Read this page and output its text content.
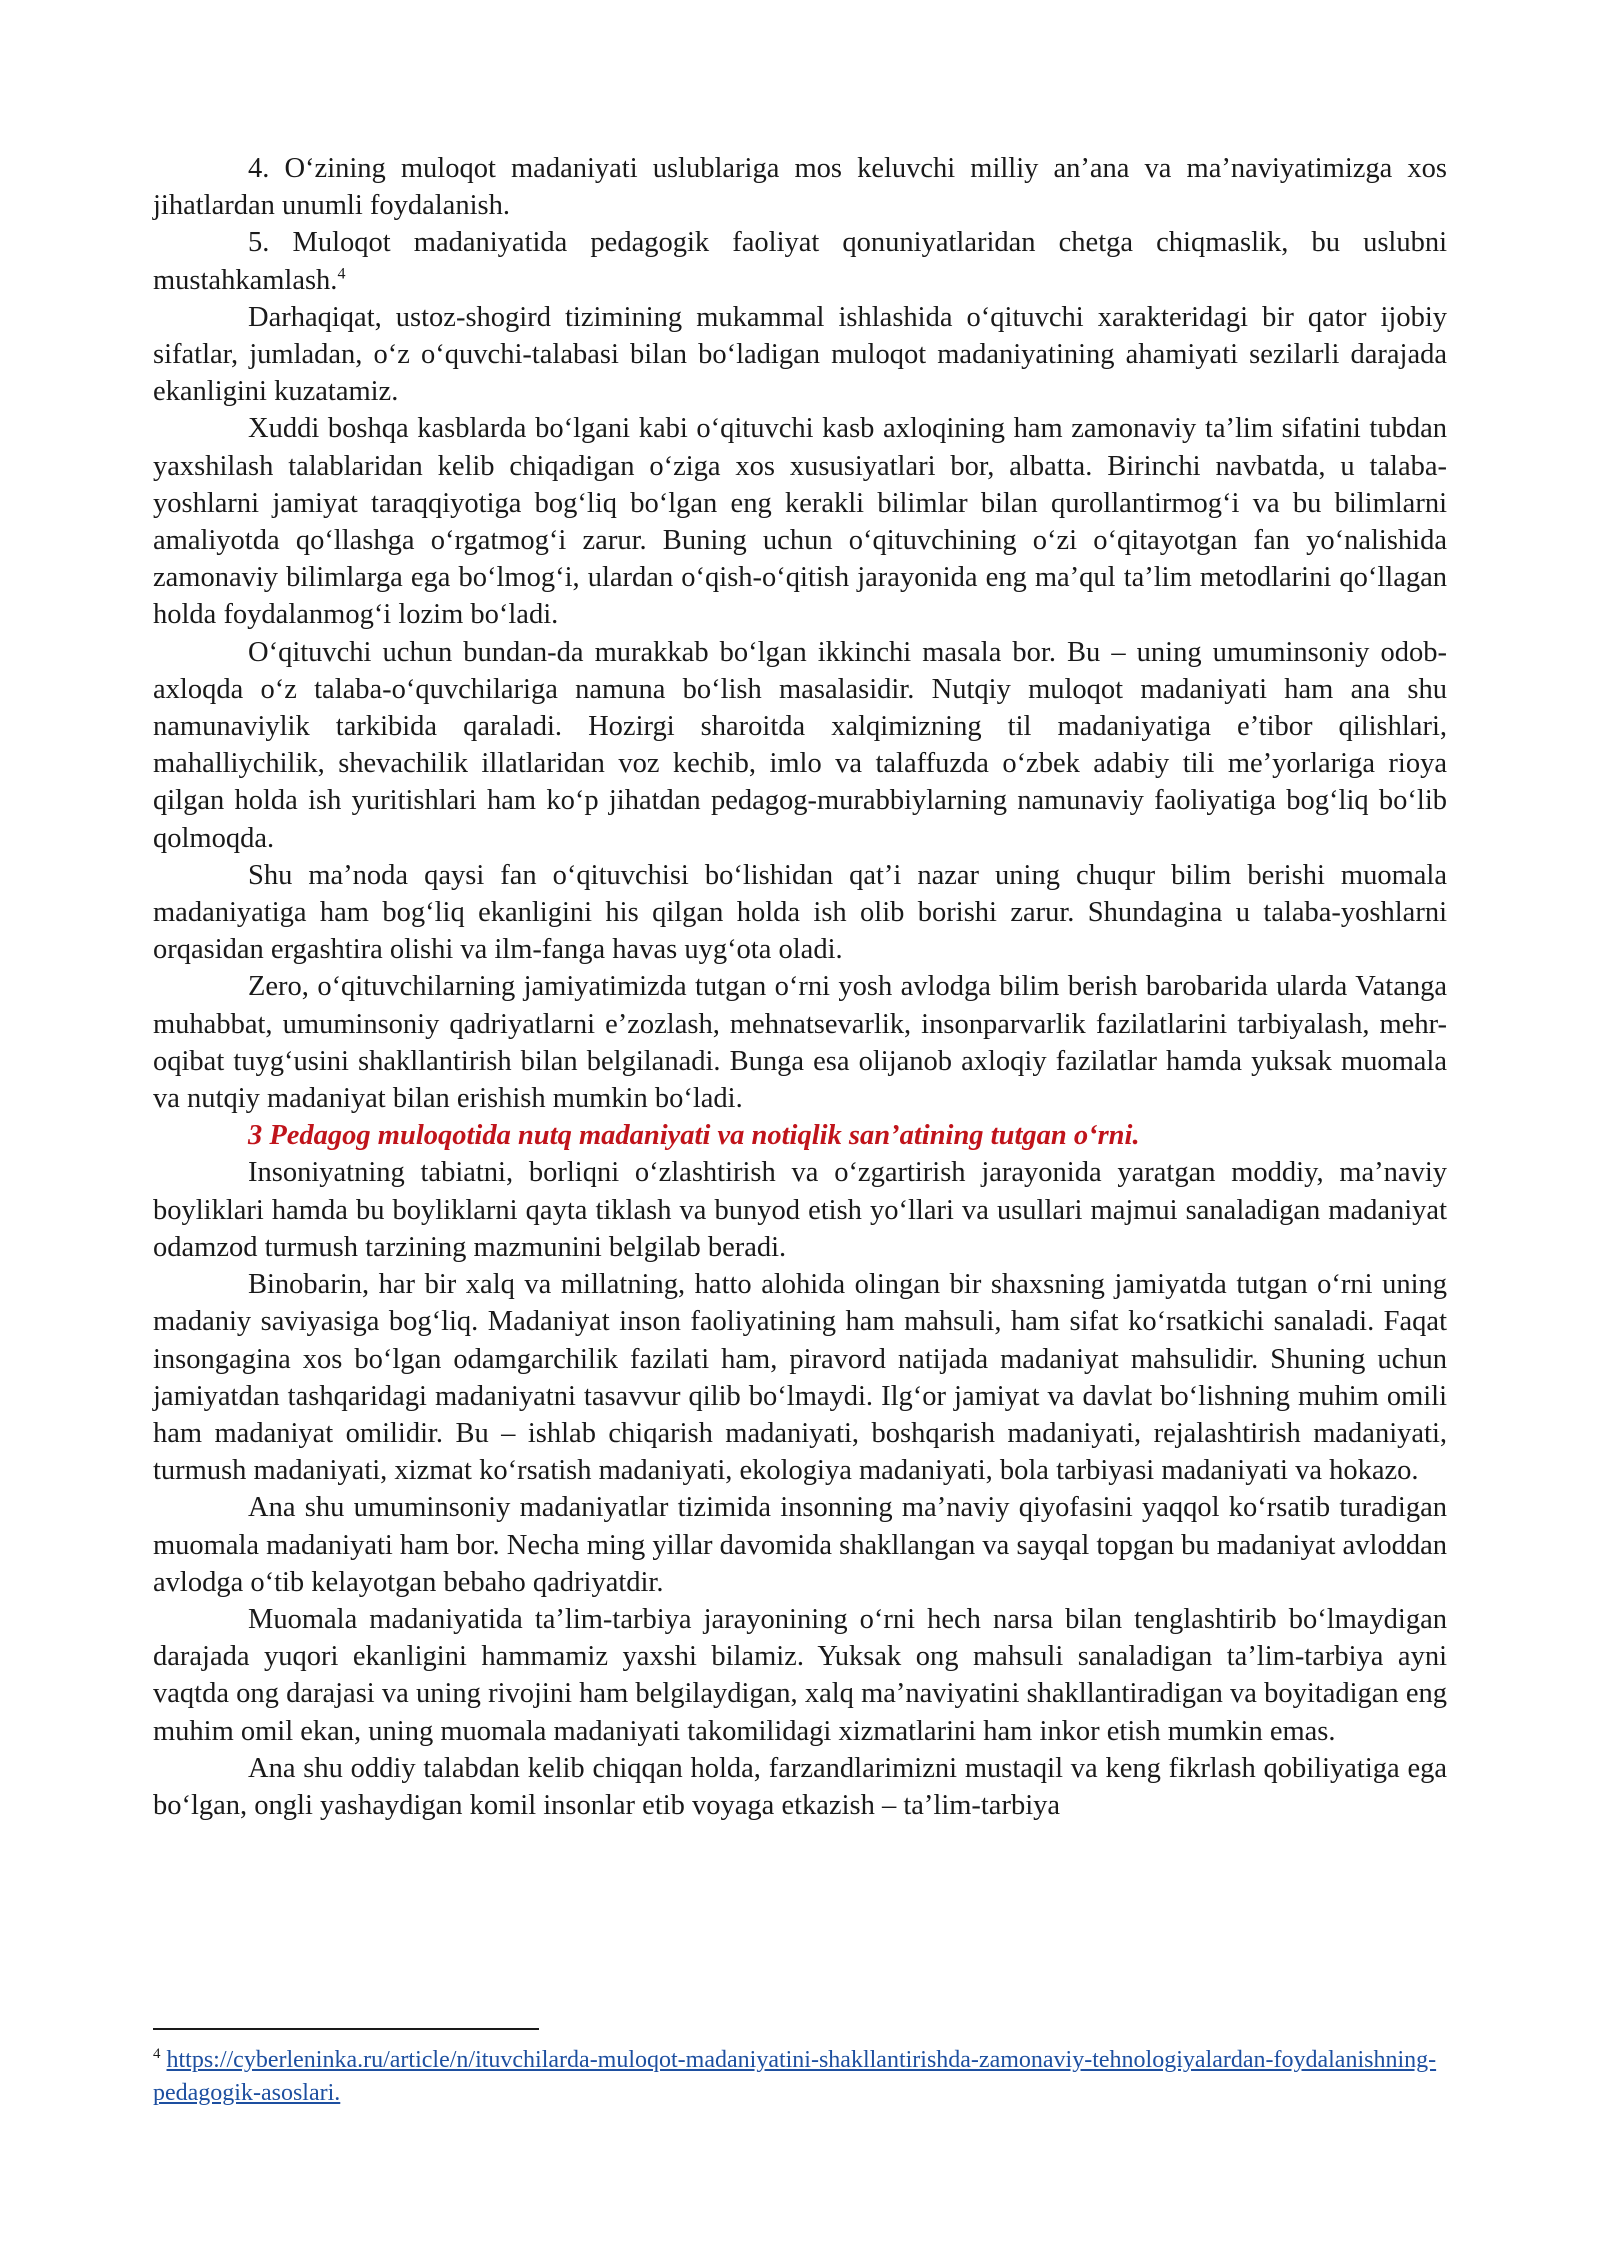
4. O‘zining muloqot madaniyati uslublariga mos keluvchi milliy an’ana va ma’naviyatimizga xos jihatlardan unumli foydalanish.

5. Muloqot madaniyatida pedagogik faoliyat qonuniyatlaridan chetga chiqmaslik, bu uslubni mustahkamlash.$^4$

Darhaqiqat, ustoz-shogird tizimining mukammal ishlashida o‘qituvchi xarakteridagi bir qator ijobiy sifatlar, jumladan, o‘z o‘quvchi-talabasi bilan bo‘ladigan muloqot madaniyatining ahamiyati sezilarli darajada ekanligini kuzatamiz.

Xuddi boshqa kasblarda bo‘lgani kabi o‘qituvchi kasb axloqining ham zamonaviy ta’lim sifatini tubdan yaxshilash talablaridan kelib chiqadigan o‘ziga xos xususiyatlari bor, albatta. Birinchi navbatda, u talaba-yoshlarni jamiyat taraqqiyotiga bog‘liq bo‘lgan eng kerakli bilimlar bilan qurollantirmog‘i va bu bilimlarni amaliyotda qo‘llashga o‘rgatmog‘i zarur. Buning uchun o‘qituvchining o‘zi o‘qitayotgan fan yo‘nalishida zamonaviy bilimlarga ega bo‘lmog‘i, ulardan o‘qish-o‘qitish jarayonida eng ma’qul ta’lim metodlarini qo‘llagan holda foydalanmog‘i lozim bo‘ladi.

O‘qituvchi uchun bundan-da murakkab bo‘lgan ikkinchi masala bor. Bu – uning umuminsoniy odob-axloqda o‘z talaba-o‘quvchilariga namuna bo‘lish masalasidir. Nutqiy muloqot madaniyati ham ana shu namunaviylik tarkibida qaraladi. Hozirgi sharoitda xalqimizning til madaniyatiga e’tibor qilishlari, mahalliychilik, shevachilik illatlaridan voz kechib, imlo va talaffuzda o‘zbek adabiy tili me’yorlariga rioya qilgan holda ish yuritishlari ham ko‘p jihatdan pedagog-murabbiylarning namunaviy faoliyatiga bog‘liq bo‘lib qolmoqda.

Shu ma’noda qaysi fan o‘qituvchisi bo‘lishidan qat’i nazar uning chuqur bilim berishi muomala madaniyatiga ham bog‘liq ekanligini his qilgan holda ish olib borishi zarur. Shundagina u talaba-yoshlarni orqasidan ergashtira olishi va ilm-fanga havas uyg‘ota oladi.

Zero, o‘qituvchilarning jamiyatimizda tutgan o‘rni yosh avlodga bilim berish barobarida ularda Vatanga muhabbat, umuminsoniy qadriyatlarni e’zozlash, mehnatsevarlik, insonparvarlik fazilatlarini tarbiyalash, mehr-oqibat tuyg‘usini shakllantirish bilan belgilanadi. Bunga esa olijanob axloqiy fazilatlar hamda yuksak muomala va nutqiy madaniyat bilan erishish mumkin bo‘ladi.

3 Pedagog muloqotida nutq madaniyati va notiqlik san’atining tutgan o‘rni.

Insoniyatning tabiatni, borliqni o‘zlashtirish va o‘zgartirish jarayonida yaratgan moddiy, ma’naviy boyliklari hamda bu boyliklarni qayta tiklash va bunyod etish yo‘llari va usullari majmui sanaladigan madaniyat odamzod turmush tarzining mazmunini belgilab beradi.

Binobarin, har bir xalq va millatning, hatto alohida olingan bir shaxsning jamiyatda tutgan o‘rni uning madaniy saviyasiga bog‘liq. Madaniyat inson faoliyatining ham mahsuli, ham sifat ko‘rsatkichi sanaladi. Faqat insongagina xos bo‘lgan odamgarchilik fazilati ham, piravord natijada madaniyat mahsulidir. Shuning uchun jamiyatdan tashqaridagi madaniyatni tasavvur qilib bo‘lmaydi. Ilg‘or jamiyat va davlat bo‘lishning muhim omili ham madaniyat omilidir. Bu – ishlab chiqarish madaniyati, boshqarish madaniyati, rejalashtirish madaniyati, turmush madaniyati, xizmat ko‘rsatish madaniyati, ekologiya madaniyati, bola tarbiyasi madaniyati va hokazo.

Ana shu umuminsoniy madaniyatlar tizimida insonning ma’naviy qiyofasini yaqqol ko‘rsatib turadigan muomala madaniyati ham bor. Necha ming yillar davomida shakllangan va sayqal topgan bu madaniyat avloddan avlodga o‘tib kelayotgan bebaho qadriyatdir.

Muomala madaniyatida ta’lim-tarbiya jarayonining o‘rni hech narsa bilan tenglashtirib bo‘lmaydigan darajada yuqori ekanligini hammamiz yaxshi bilamiz. Yuksak ong mahsuli sanaladigan ta’lim-tarbiya ayni vaqtda ong darajasi va uning rivojini ham belgilaydigan, xalq ma’naviyatini shakllantiradigan va boyitadigan eng muhim omil ekan, uning muomala madaniyati takomilidagi xizmatlarini ham inkor etish mumkin emas.

Ana shu oddiy talabdan kelib chiqqan holda, farzandlarimizni mustaqil va keng fikrlash qobiliyatiga ega bo‘lgan, ongli yashaydigan komil insonlar etib voyaga etkazish – ta’lim-tarbiya

$^4$ https://cyberleninka.ru/article/n/ituvchilarda-muloqot-madaniyatini-shakllantirishda-zamonaviy-tehnologiyalardan-foydalanishning-pedagogik-asoslari.
